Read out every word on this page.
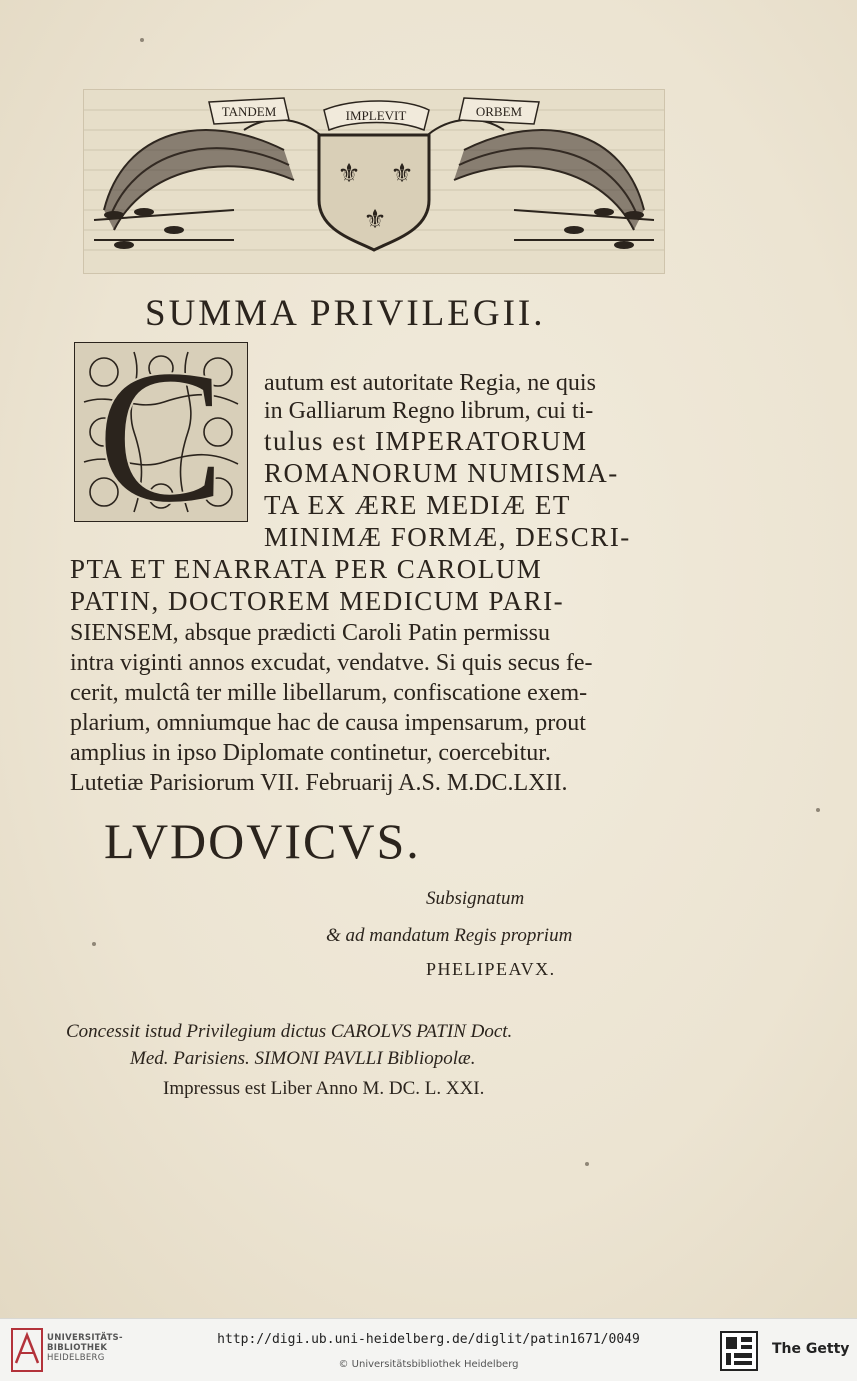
⚜ ⚜
⚜
TANDEM	IMPLEVIT	ORBEM
SUMMA PRIVILEGII.
C autum est autoritate Regia, ne quis
in Galliarum Regno librum, cui ti-
tulus est IMPERATORUM
ROMANORUM NUMISMA-
TA EX ÆRE MEDIÆ ET
MINIMÆ FORMÆ, DESCRI-
PTA ET ENARRATA PER CAROLUM
PATIN, DOCTOREM MEDICUM PARI-
SIENSEM, absque prædicti Caroli Patin permissu
intra viginti annos excudat, vendatve. Si quis secus fe-
cerit, mulctâ ter mille libellarum, confiscatione exem-
plarium, omniumque hac de causa impensarum, prout
amplius in ipso Diplomate continetur, coercebitur.
Lutetiæ Parisiorum VII. Februarij A.S. M.DC.LXII.
LVDOVICVS.
Subsignatum
& ad mandatum Regis proprium
PHELIPEAVX.
Concessit istud Privilegium dictus CAROLVS PATIN Doct.
Med. Parisiens. SIMONI PAVLLI Bibliopolæ.
Impressus est Liber Anno M. DC. L. XXI.
UNIVERSITÄTS-
BIBLIOTHEK
HEIDELBERG
http://digi.ub.uni-heidelberg.de/diglit/patin1671/0049
© Universitätsbibliothek Heidelberg
The Getty
